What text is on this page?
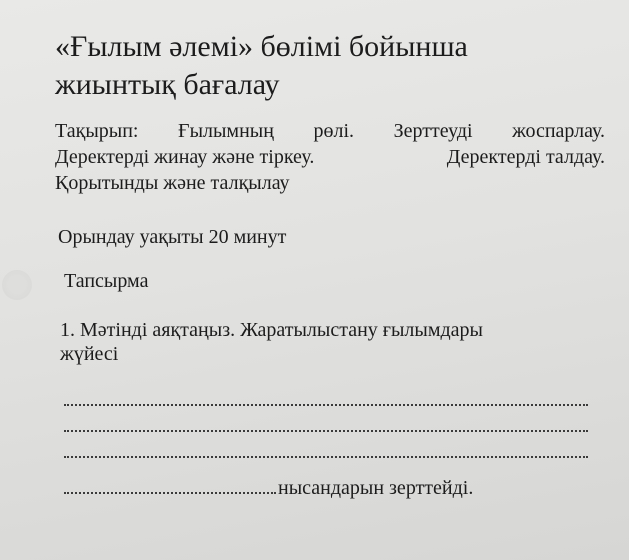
«Ғылым әлемі» бөлімі бойынша
жиынтық бағалау
Тақырып: Ғылымның рөлі. Зерттеуді жоспарлау.
Деректерді жинау және тіркеу.	Деректерді талдау.
Қорытынды және талқылау
Орындау уақыты 20 минут
Тапсырма
1. Мәтінді аяқтаңыз. Жаратылыстану ғылымдары
жүйесі
нысандарын зерттейді.
